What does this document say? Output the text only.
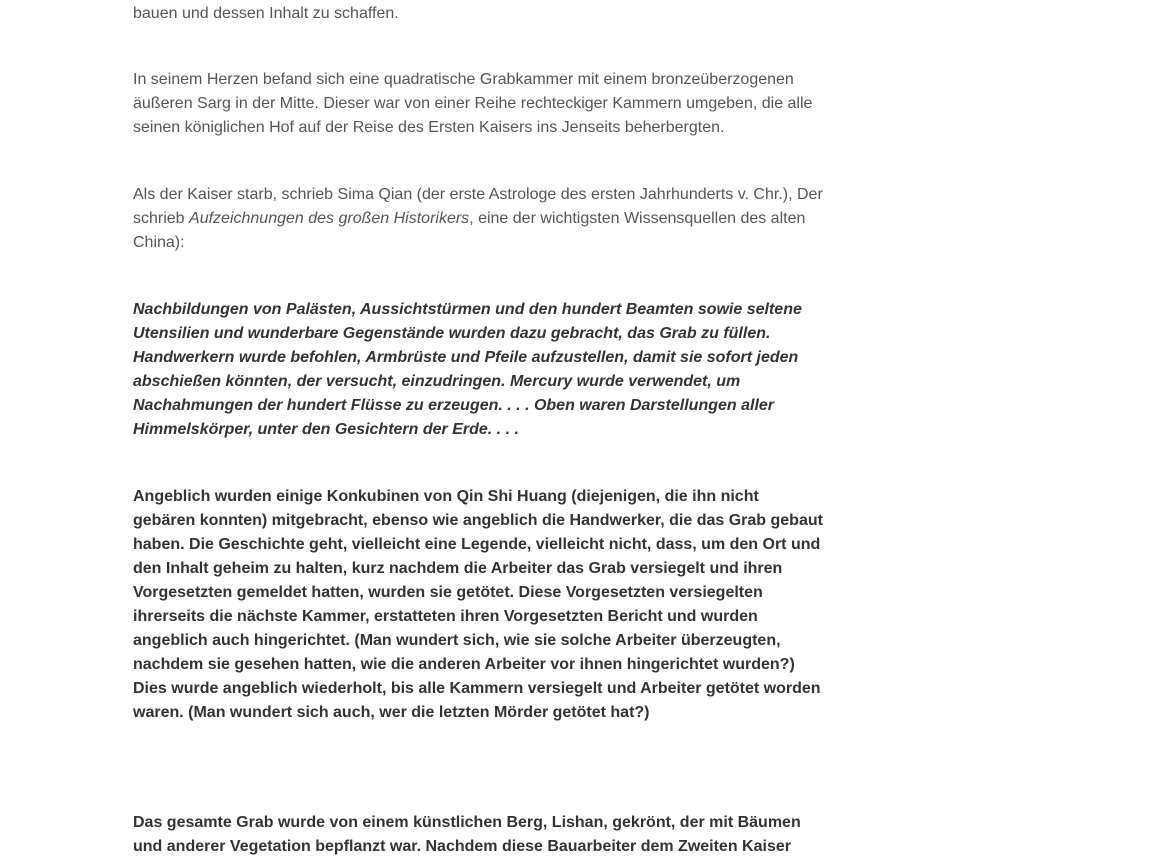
bauen und dessen Inhalt zu schaffen.

In seinem Herzen befand sich eine quadratische Grabkammer mit einem bronzeüberzogenen
äußeren Sarg in der Mitte. Dieser war von einer Reihe rechteckiger Kammern umgeben, die alle
seinen königlichen Hof auf der Reise des Ersten Kaisers ins Jenseits beherbergten.

Als der Kaiser starb, schrieb Sima Qian (der erste Astrologe des ersten Jahrhunderts v. Chr.), Der
schrieb Aufzeichnungen des großen Historikers, eine der wichtigsten Wissensquellen des alten
China):

Nachbildungen von Palästen, Aussichtstürmen und den hundert Beamten sowie seltene
Utensilien und wunderbare Gegenstände wurden dazu gebracht, das Grab zu füllen.
Handwerkern wurde befohlen, Armbrüste und Pfeile aufzustellen, damit sie sofort jeden
abschießen könnten, der versucht, einzudringen. Mercury wurde verwendet, um
Nachahmungen der hundert Flüsse zu erzeugen. . . . Oben waren Darstellungen aller
Himmelskörper, unter den Gesichtern der Erde. . . .

Angeblich wurden einige Konkubinen von Qin Shi Huang (diejenigen, die ihn nicht
gebären konnten) mitgebracht, ebenso wie angeblich die Handwerker, die das Grab gebaut
haben. Die Geschichte geht, vielleicht eine Legende, vielleicht nicht, dass, um den Ort und
den Inhalt geheim zu halten, kurz nachdem die Arbeiter das Grab versiegelt und ihren
Vorgesetzten gemeldet hatten, wurden sie getötet. Diese Vorgesetzten versiegelten
ihrerseits die nächste Kammer, erstatteten ihren Vorgesetzten Bericht und wurden
angeblich auch hingerichtet. (Man wundert sich, wie sie solche Arbeiter überzeugten,
nachdem sie gesehen hatten, wie die anderen Arbeiter vor ihnen hingerichtet wurden?)
Dies wurde angeblich wiederholt, bis alle Kammern versiegelt und Arbeiter getötet worden
waren. (Man wundert sich auch, wer die letzten Mörder getötet hat?)

Das gesamte Grab wurde von einem künstlichen Berg, Lishan, gekrönt, der mit Bäumen
und anderer Vegetation bepflanzt war. Nachdem diese Bauarbeiter dem Zweiten Kaiser
